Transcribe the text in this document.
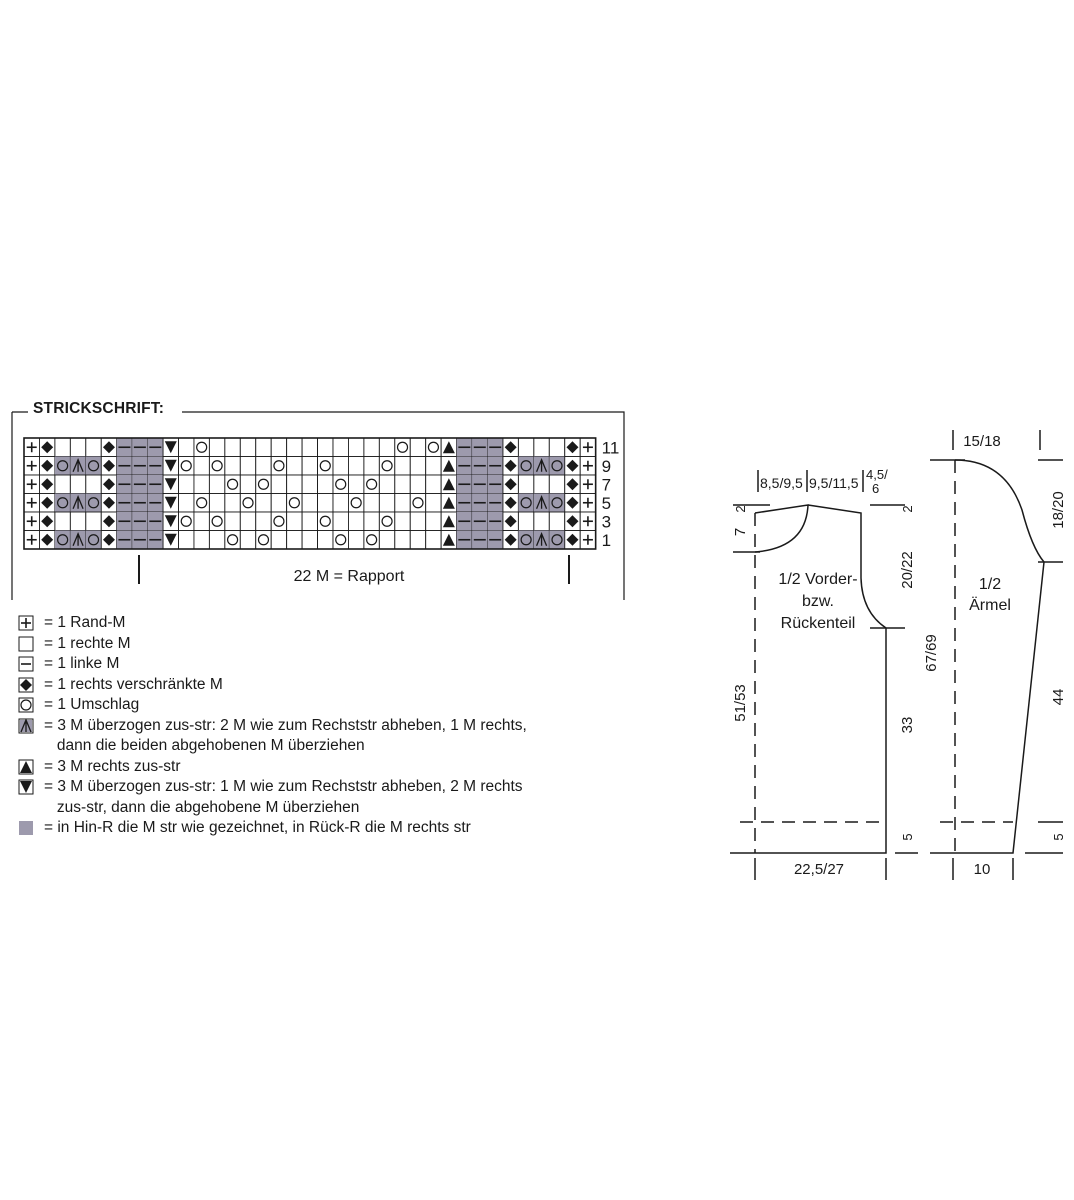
11
9
7
5
3
1
22 M = Rapport
STRICKSCHRIFT:
= 1 Rand-M
= 1 rechte M
= 1 linke M
= 1 rechts verschränkte M
= 1 Umschlag
= 3 M überzogen zus-str: 2 M wie zum Rechststr abheben, 1 M rechts,
dann die beiden abgehobenen M überziehen
= 3 M rechts zus-str
= 3 M überzogen zus-str: 1 M wie zum Rechststr abheben, 2 M rechts
zus-str, dann die abgehobene M überziehen
= in Hin-R die M str wie gezeichnet, in Rück-R die M rechts str
1/2 Vorder-
bzw.
Rückenteil
8,5/9,5 9,5/11,5
4,5/
6
2
7
51/53
2
20/22
67/69
33
5
22,5/27
1/2
Ärmel
15/18
18/20
44
5
10
